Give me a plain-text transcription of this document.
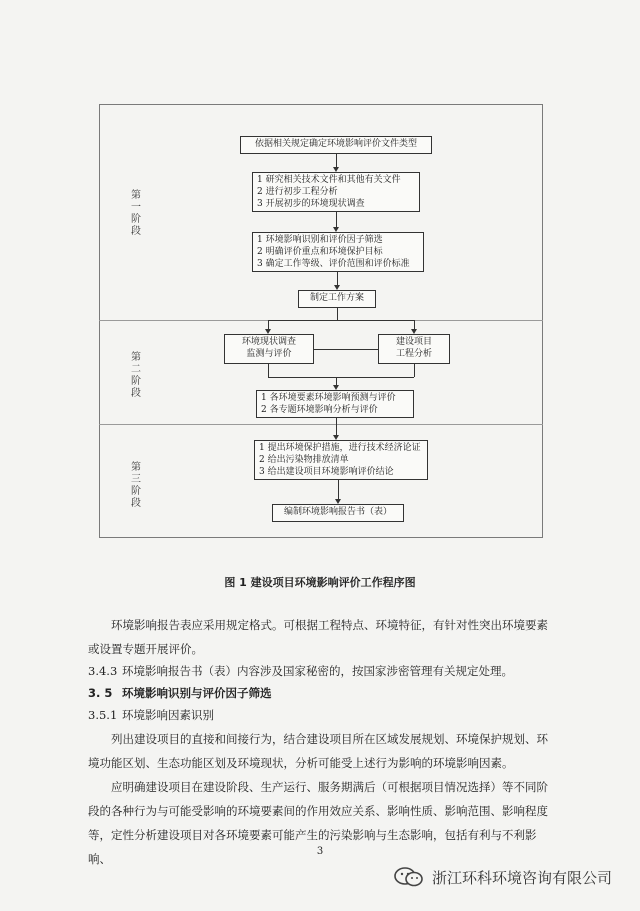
第一阶段
第二阶段
第三阶段
依据相关规定确定环境影响评价文件类型
1 研究相关技术文件和其他有关文件
2 进行初步工程分析
3 开展初步的环境现状调查
1 环境影响识别和评价因子筛选
2 明确评价重点和环境保护目标
3 确定工作等级、评价范围和评价标准
制定工作方案
环境现状调查
监测与评价
建设项目
工程分析
1 各环境要素环境影响预测与评价
2 各专题环境影响分析与评价
1 提出环境保护措施，进行技术经济论证
2 给出污染物排放清单
3 给出建设项目环境影响评价结论
编制环境影响报告书（表）
图 1 建设项目环境影响评价工作程序图
环境影响报告表应采用规定格式。可根据工程特点、环境特征，有针对性突出环境要素或设置专题开展评价。
3.4.3 环境影响报告书（表）内容涉及国家秘密的，按国家涉密管理有关规定处理。
3. 5 环境影响识别与评价因子筛选
3.5.1 环境影响因素识别
列出建设项目的直接和间接行为，结合建设项目所在区域发展规划、环境保护规划、环境功能区划、生态功能区划及环境现状，分析可能受上述行为影响的环境影响因素。
应明确建设项目在建设阶段、生产运行、服务期满后（可根据项目情况选择）等不同阶段的各种行为与可能受影响的环境要素间的作用效应关系、影响性质、影响范围、影响程度等，定性分析建设项目对各环境要素可能产生的污染影响与生态影响，包括有利与不利影响、
3
浙江环科环境咨询有限公司
